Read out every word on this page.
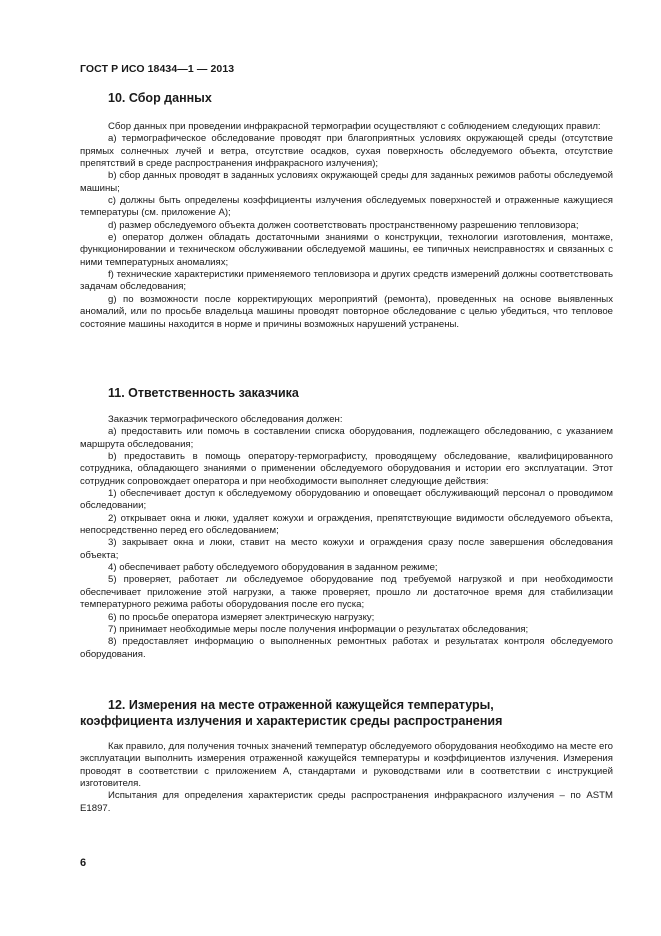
ГОСТ Р ИСО 18434—1 — 2013
10. Сбор данных

Сбор данных при проведении инфракрасной термографии осуществляют с соблюдением следующих правил:

a) термографическое обследование проводят при благоприятных условиях окружающей среды (отсутствие прямых солнечных лучей и ветра, отсутствие осадков, сухая поверхность обследуемого объекта, отсутствие препятствий в среде распространения инфракрасного излучения);

b) сбор данных проводят в заданных условиях окружающей среды для заданных режимов работы обследуемой машины;

c) должны быть определены коэффициенты излучения обследуемых поверхностей и отраженные кажущиеся температуры (см. приложение А);

d) размер обследуемого объекта должен соответствовать пространственному разрешению тепловизора;

e) оператор должен обладать достаточными знаниями о конструкции, технологии изготовления, монтаже, функционировании и техническом обслуживании обследуемой машины, ее типичных неисправностях и связанных с ними температурных аномалиях;

f) технические характеристики применяемого тепловизора и других средств измерений должны соответствовать задачам обследования;

g) по возможности после корректирующих мероприятий (ремонта), проведенных на основе выявленных аномалий, или по просьбе владельца машины проводят повторное обследование с целью убедиться, что тепловое состояние машины находится в норме и причины возможных нарушений устранены.

11. Ответственность заказчика

Заказчик термографического обследования должен:

a) предоставить или помочь в составлении списка оборудования, подлежащего обследованию, с указанием маршрута обследования;

b) предоставить в помощь оператору-термографисту, проводящему обследование, квалифицированного сотрудника, обладающего знаниями о применении обследуемого оборудования и истории его эксплуатации. Этот сотрудник сопровождает оператора и при необходимости выполняет следующие действия:

1) обеспечивает доступ к обследуемому оборудованию и оповещает обслуживающий персонал о проводимом обследовании;

2) открывает окна и люки, удаляет кожухи и ограждения, препятствующие видимости обследуемого объекта, непосредственно перед его обследованием;

3) закрывает окна и люки, ставит на место кожухи и ограждения сразу после завершения обследования объекта;

4) обеспечивает работу обследуемого оборудования в заданном режиме;

5) проверяет, работает ли обследуемое оборудование под требуемой нагрузкой и при необходимости обеспечивает приложение этой нагрузки, а также проверяет, прошло ли достаточное время для стабилизации температурного режима работы оборудования после его пуска;

6) по просьбе оператора измеряет электрическую нагрузку;

7) принимает необходимые меры после получения информации о результатах обследования;

8) предоставляет информацию о выполненных ремонтных работах и результатах контроля обследуемого оборудования.

12. Измерения на месте отраженной кажущейся температуры,
коэффициента излучения и характеристик среды распространения

Как правило, для получения точных значений температур обследуемого оборудования необходимо на месте его эксплуатации выполнить измерения отраженной кажущейся температуры и коэффициентов излучения. Измерения проводят в соответствии с приложением А, стандартами и руководствами или в соответствии с инструкцией изготовителя.

Испытания для определения характеристик среды распространения инфракрасного излучения – по ASTM E1897.

6
